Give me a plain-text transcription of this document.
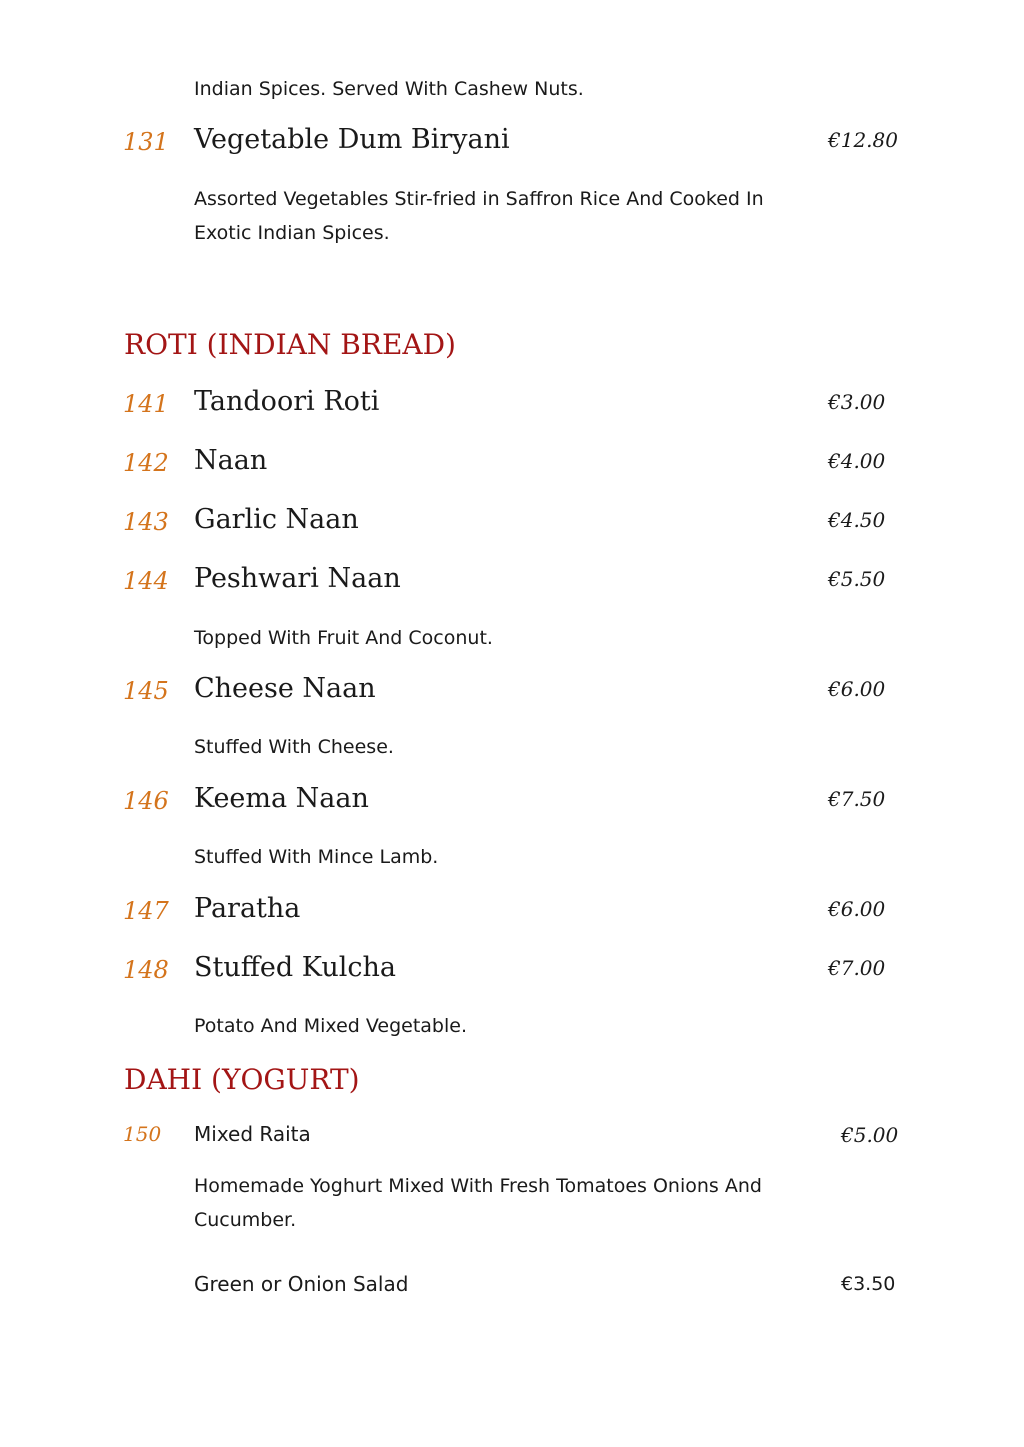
Indian Spices. Served With Cashew Nuts.
131 Vegetable Dum Biryani	€12.80
Assorted Vegetables Stir-fried in Saffron Rice And Cooked In Exotic Indian Spices.
ROTI (INDIAN BREAD)
141 Tandoori Roti	€3.00
142 Naan	€4.00
143 Garlic Naan	€4.50
144 Peshwari Naan	€5.50
Topped With Fruit And Coconut.
145 Cheese Naan	€6.00
Stuffed With Cheese.
146 Keema Naan	€7.50
Stuffed With Mince Lamb.
147 Paratha	€6.00
148 Stuffed Kulcha	€7.00
Potato And Mixed Vegetable.
DAHI (YOGURT)
150 Mixed Raita	€5.00
Homemade Yoghurt Mixed With Fresh Tomatoes Onions And Cucumber.
Green or Onion Salad	€3.50
